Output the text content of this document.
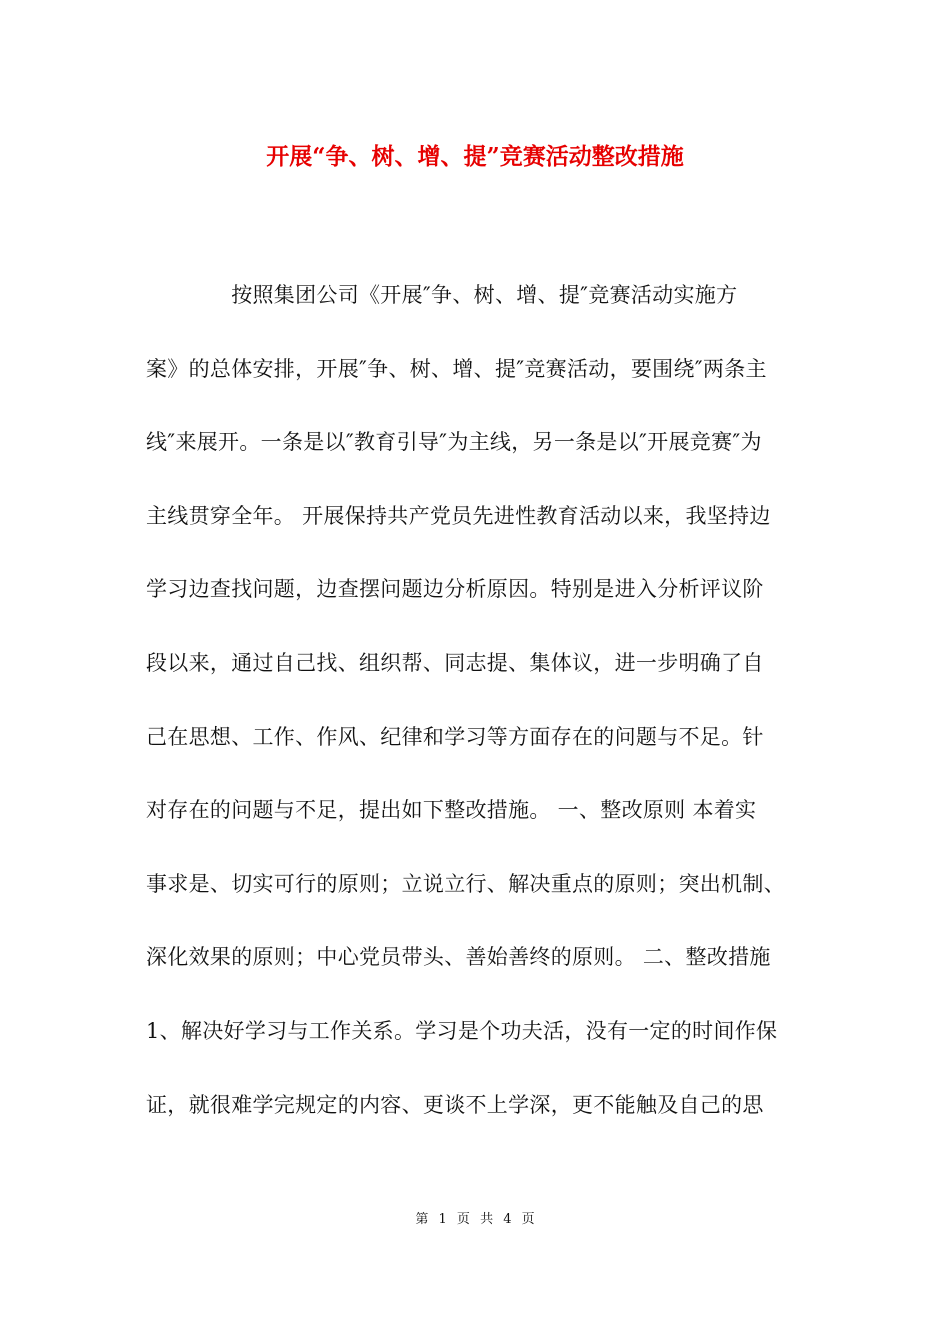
开展“争、树、增、提”竞赛活动整改措施
　　　　按照集团公司《开展″争、树、增、提″竞赛活动实施方
案》的总体安排，开展″争、树、增、提″竞赛活动，要围绕″两条主
线″来展开。一条是以″教育引导″为主线，另一条是以″开展竞赛″为
主线贯穿全年。 开展保持共产党员先进性教育活动以来，我坚持边
学习边查找问题，边查摆问题边分析原因。特别是进入分析评议阶
段以来，通过自己找、组织帮、同志提、集体议，进一步明确了自
己在思想、工作、作风、纪律和学习等方面存在的问题与不足。针
对存在的问题与不足，提出如下整改措施。 一、整改原则 本着实
事求是、切实可行的原则；立说立行、解决重点的原则；突出机制、
深化效果的原则；中心党员带头、善始善终的原则。 二、整改措施
1、解决好学习与工作关系。学习是个功夫活，没有一定的时间作保
证，就很难学完规定的内容、更谈不上学深，更不能触及自己的思
第 1 页 共 4 页
